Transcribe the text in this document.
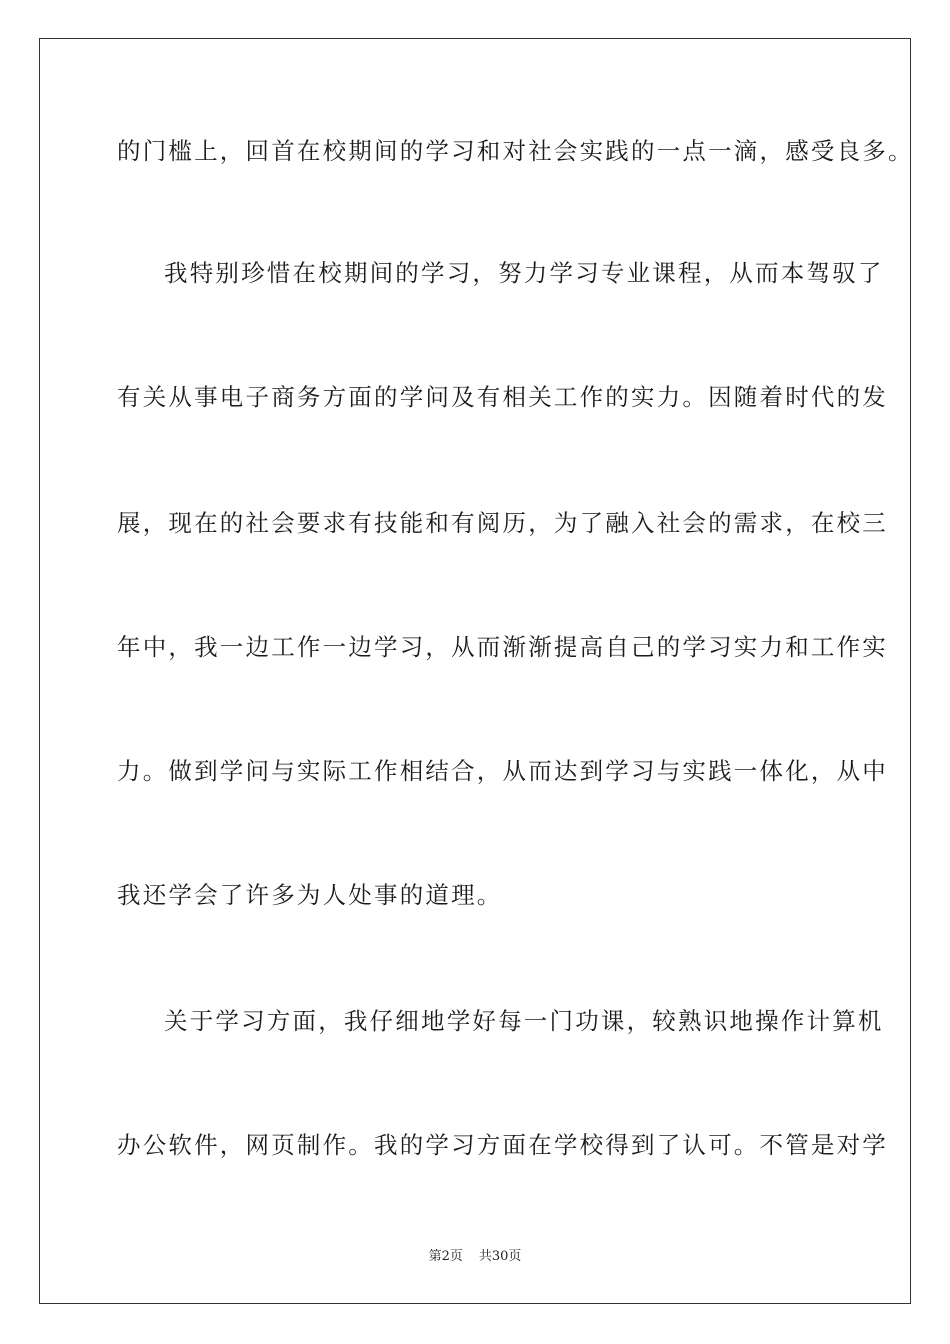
的门槛上，回首在校期间的学习和对社会实践的一点一滴，感受良多。
我特别珍惜在校期间的学习，努力学习专业课程，从而本驾驭了
有关从事电子商务方面的学问及有相关工作的实力。因随着时代的发
展，现在的社会要求有技能和有阅历，为了融入社会的需求，在校三
年中，我一边工作一边学习，从而渐渐提高自己的学习实力和工作实
力。做到学问与实际工作相结合，从而达到学习与实践一体化，从中
我还学会了许多为人处事的道理。
关于学习方面，我仔细地学好每一门功课，较熟识地操作计算机
办公软件，网页制作。我的学习方面在学校得到了认可。不管是对学
第2页 共30页
